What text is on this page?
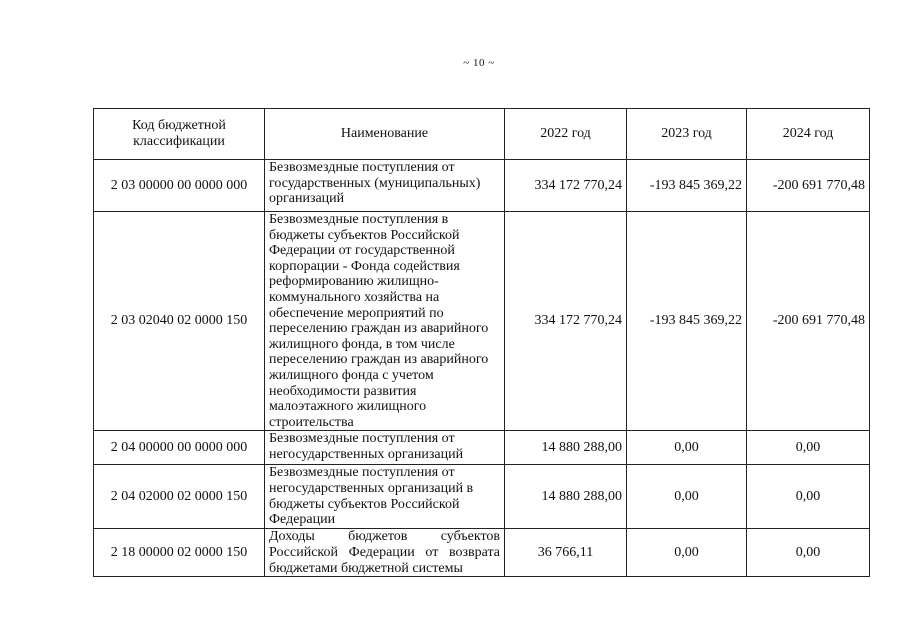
~ 10 ~
Код бюджетной классификации	Наименование	2022 год	2023 год	2024 год
2 03 00000 00 0000 000	Безвозмездные поступления от государственных (муниципальных) организаций	334 172 770,24	-193 845 369,22	-200 691 770,48
2 03 02040 02 0000 150	Безвозмездные поступления в бюджеты субъектов Российской Федерации от государственной корпорации - Фонда содействия реформированию жилищно-коммунального хозяйства на обеспечение мероприятий по переселению граждан из аварийного жилищного фонда, в том числе переселению граждан из аварийного жилищного фонда с учетом необходимости развития малоэтажного жилищного строительства	334 172 770,24	-193 845 369,22	-200 691 770,48
2 04 00000 00 0000 000	Безвозмездные поступления от негосударственных организаций	14 880 288,00	0,00	0,00
2 04 02000 02 0000 150	Безвозмездные поступления от негосударственных организаций в бюджеты субъектов Российской Федерации	14 880 288,00	0,00	0,00
2 18 00000 02 0000 150	Доходы бюджетов субъектов Российской Федерации от возврата бюджетами бюджетной системы	36 766,11	0,00	0,00
